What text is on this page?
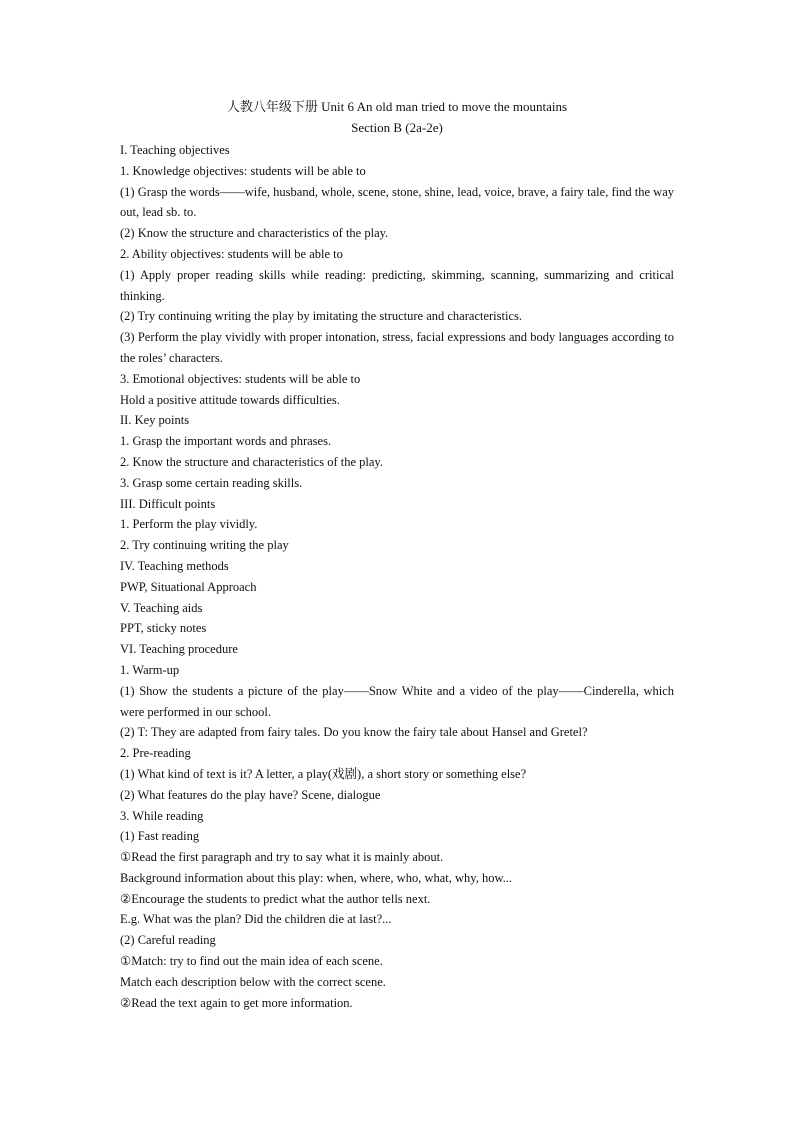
人教八年级下册 Unit 6 An old man tried to move the mountains
Section B (2a-2e)

I. Teaching objectives

1. Knowledge objectives: students will be able to

(1) Grasp the words——wife, husband, whole, scene, stone, shine, lead, voice, brave, a fairy tale, find the way out, lead sb. to.

(2) Know the structure and characteristics of the play.

2. Ability objectives: students will be able to

(1) Apply proper reading skills while reading: predicting, skimming, scanning, summarizing and critical thinking.

(2) Try continuing writing the play by imitating the structure and characteristics.

(3) Perform the play vividly with proper intonation, stress, facial expressions and body languages according to the roles’ characters.

3. Emotional objectives: students will be able to

Hold a positive attitude towards difficulties.

II. Key points

1. Grasp the important words and phrases.

2. Know the structure and characteristics of the play.

3. Grasp some certain reading skills.

III. Difficult points

1. Perform the play vividly.

2. Try continuing writing the play

IV. Teaching methods

PWP, Situational Approach

V. Teaching aids

PPT, sticky notes

VI. Teaching procedure

1. Warm-up

(1) Show the students a picture of the play——Snow White and a video of the play——Cinderella, which were performed in our school.

(2) T: They are adapted from fairy tales. Do you know the fairy tale about Hansel and Gretel?

2. Pre-reading

(1) What kind of text is it? A letter, a play(戏剧), a short story or something else?

(2) What features do the play have? Scene, dialogue

3. While reading

(1) Fast reading

①Read the first paragraph and try to say what it is mainly about.

Background information about this play: when, where, who, what, why, how...

②Encourage the students to predict what the author tells next.

E.g. What was the plan? Did the children die at last?...

(2) Careful reading

①Match: try to find out the main idea of each scene.

Match each description below with the correct scene.

②Read the text again to get more information.
